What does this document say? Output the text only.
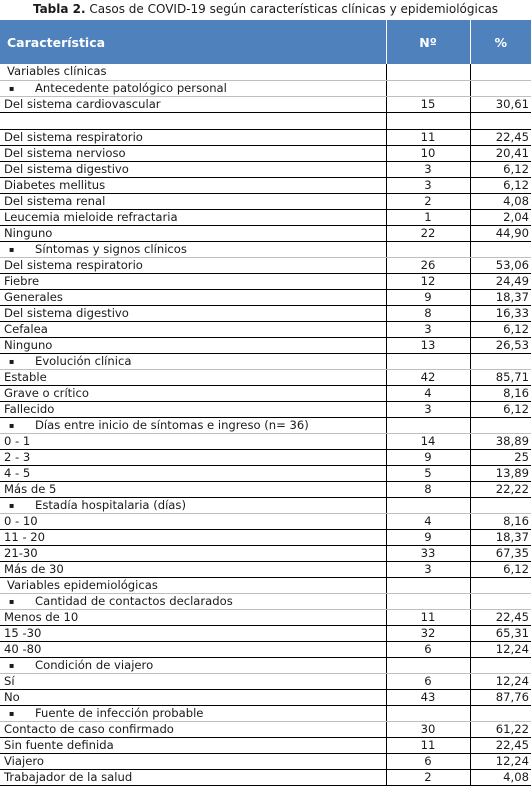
Tabla 2. Casos de COVID-19 según características clínicas y epidemiológicas
Característica	Nº	%
Variables clínicas		
▪ Antecedente patológico personal		
Del sistema cardiovascular	15	30,61

Del sistema respiratorio	11	22,45
Del sistema nervioso	10	20,41
Del sistema digestivo	3	6,12
Diabetes mellitus	3	6,12
Del sistema renal	2	4,08
Leucemia mieloide refractaria	1	2,04
Ninguno	22	44,90
▪ Síntomas y signos clínicos		
Del sistema respiratorio	26	53,06
Fiebre	12	24,49
Generales	9	18,37
Del sistema digestivo	8	16,33
Cefalea	3	6,12
Ninguno	13	26,53
▪ Evolución clínica		
Estable	42	85,71
Grave o crítico	4	8,16
Fallecido	3	6,12
▪ Días entre inicio de síntomas e ingreso (n= 36)		
0 - 1	14	38,89
2 - 3	9	25
4 - 5	5	13,89
Más de 5	8	22,22
▪ Estadía hospitalaria (días)		
0 - 10	4	8,16
11 - 20	9	18,37
21-30	33	67,35
Más de 30	3	6,12
Variables epidemiológicas		
▪ Cantidad de contactos declarados		
Menos de 10	11	22,45
15 -30	32	65,31
40 -80	6	12,24
▪ Condición de viajero		
Sí	6	12,24
No	43	87,76
▪ Fuente de infección probable		
Contacto de caso confirmado	30	61,22
Sin fuente definida	11	22,45
Viajero	6	12,24
Trabajador de la salud	2	4,08
